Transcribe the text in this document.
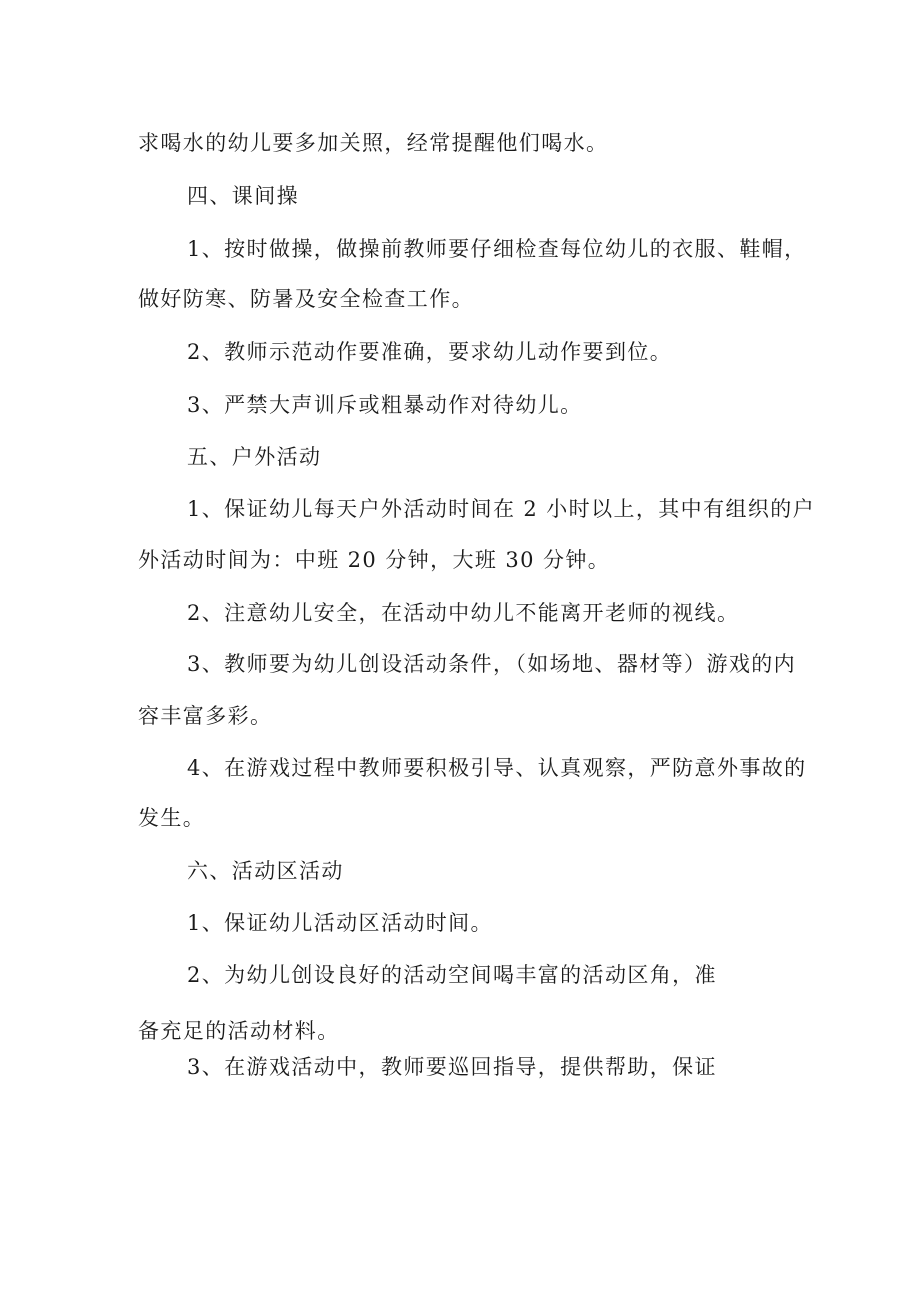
求喝水的幼儿要多加关照，经常提醒他们喝水。
四、课间操
1、按时做操，做操前教师要仔细检查每位幼儿的衣服、鞋帽，
做好防寒、防暑及安全检查工作。
2、教师示范动作要准确，要求幼儿动作要到位。
3、严禁大声训斥或粗暴动作对待幼儿。
五、户外活动
1、保证幼儿每天户外活动时间在 2 小时以上，其中有组织的户
外活动时间为：中班 20 分钟，大班 30 分钟。
2、注意幼儿安全，在活动中幼儿不能离开老师的视线。
3、教师要为幼儿创设活动条件，（如场地、器材等）游戏的内
容丰富多彩。
4、在游戏过程中教师要积极引导、认真观察，严防意外事故的
发生。
六、活动区活动
1、保证幼儿活动区活动时间。
2、为幼儿创设良好的活动空间喝丰富的活动区角，准
备充足的活动材料。
3、在游戏活动中，教师要巡回指导，提供帮助，保证
